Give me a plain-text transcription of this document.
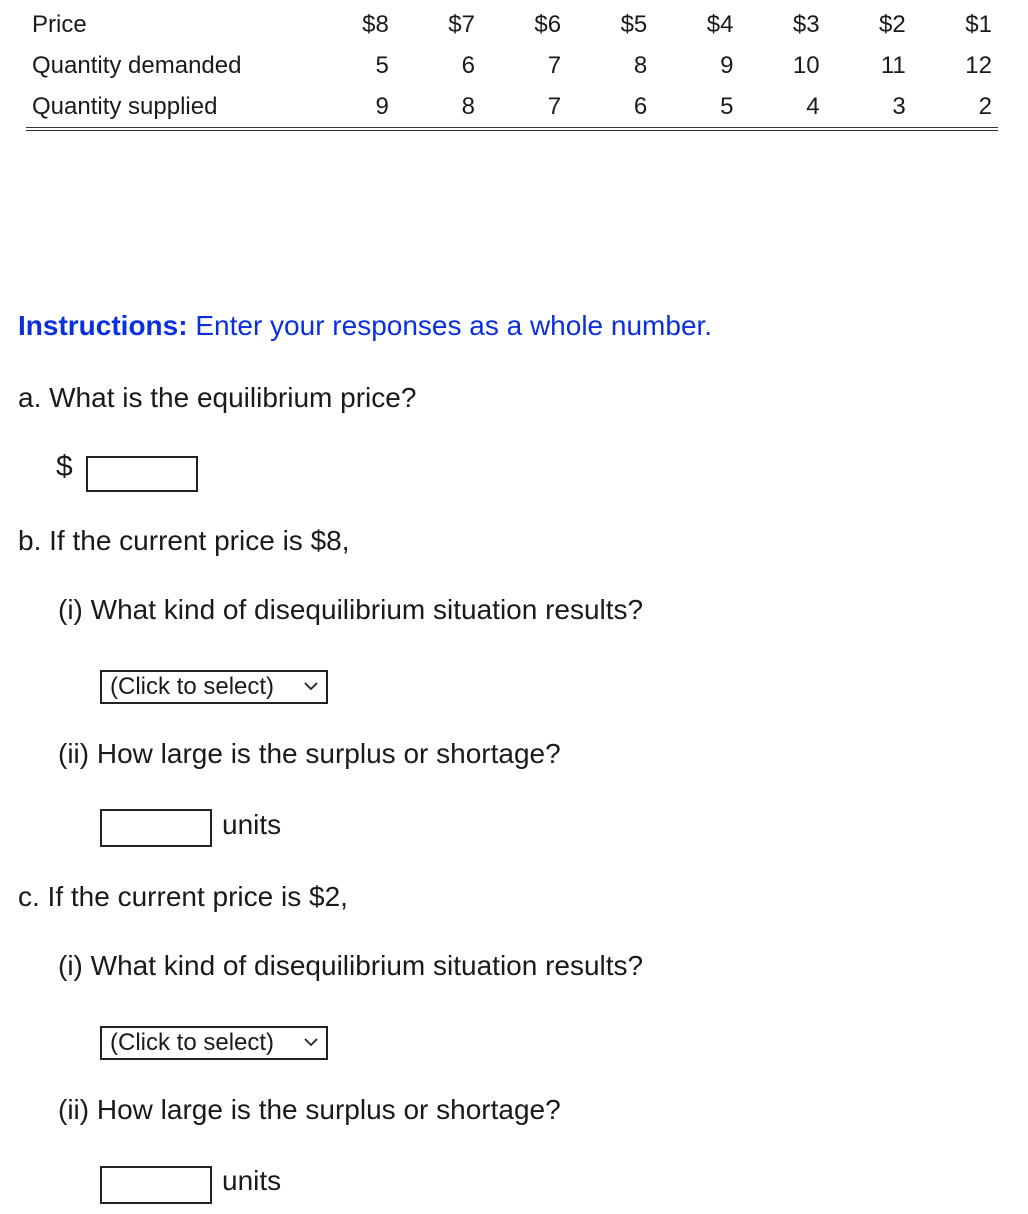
Price	$8	$7	$6	$5	$4	$3	$2	$1
Quantity demanded	5	6	7	8	9	10	11	12
Quantity supplied	9	8	7	6	5	4	3	2
Instructions: Enter your responses as a whole number.
a. What is the equilibrium price?
$
b. If the current price is $8,
(i) What kind of disequilibrium situation results?
(Click to select)
(ii) How large is the surplus or shortage?
units
c. If the current price is $2,
(i) What kind of disequilibrium situation results?
(Click to select)
(ii) How large is the surplus or shortage?
units
